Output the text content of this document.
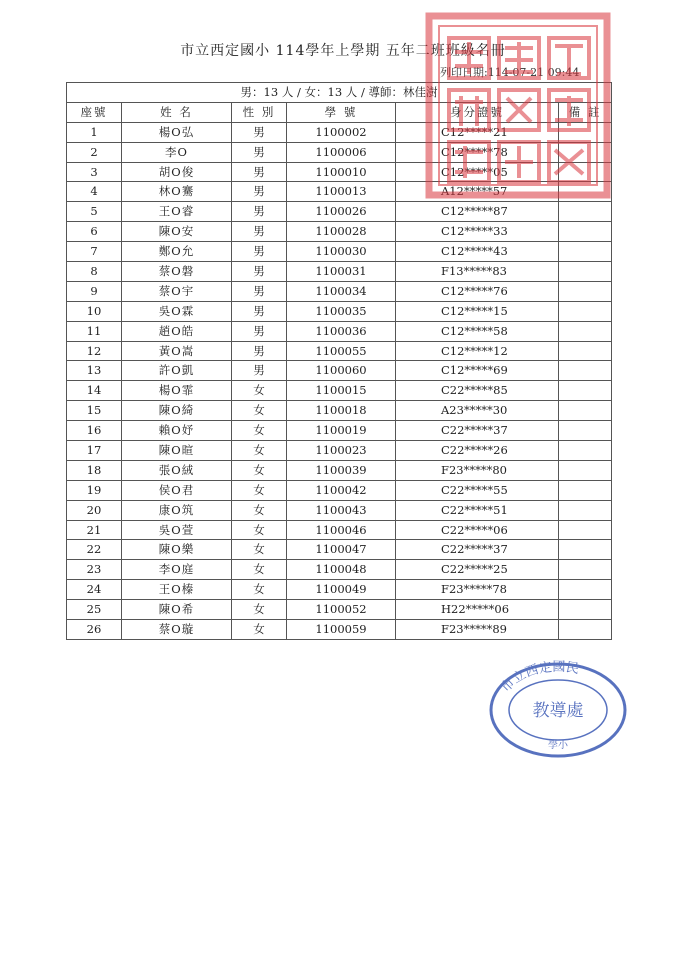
市立西定國小 114學年上學期 五年二班班級名冊
列印日期:114-07-21 09:44
男：13 人 / 女：13 人 / 導師：林佳澍					
座號	姓 名	性 別	學 號	身分證號	備 註
1	楊O弘	男	1100002	C12*****21	
2	李O	男	1100006	C12*****78	
3	胡O俊	男	1100010	C12*****05	
4	林O騫	男	1100013	A12*****57	
5	王O睿	男	1100026	C12*****87	
6	陳O安	男	1100028	C12*****33	
7	鄭O允	男	1100030	C12*****43	
8	蔡O磐	男	1100031	F13*****83	
9	蔡O宇	男	1100034	C12*****76	
10	吳O霖	男	1100035	C12*****15	
11	趙O皓	男	1100036	C12*****58	
12	黃O嵩	男	1100055	C12*****12	
13	許O凱	男	1100060	C12*****69	
14	楊O霏	女	1100015	C22*****85	
15	陳O綺	女	1100018	A23*****30	
16	賴O妤	女	1100019	C22*****37	
17	陳O暄	女	1100023	C22*****26	
18	張O絨	女	1100039	F23*****80	
19	侯O君	女	1100042	C22*****55	
20	康O筑	女	1100043	C22*****51	
21	吳O萱	女	1100046	C22*****06	
22	陳O樂	女	1100047	C22*****37	
23	李O庭	女	1100048	C22*****25	
24	王O榛	女	1100049	F23*****78	
25	陳O希	女	1100052	H22*****06	
26	蔡O璇	女	1100059	F23*****89	
市立西定國民
教導處
學小
